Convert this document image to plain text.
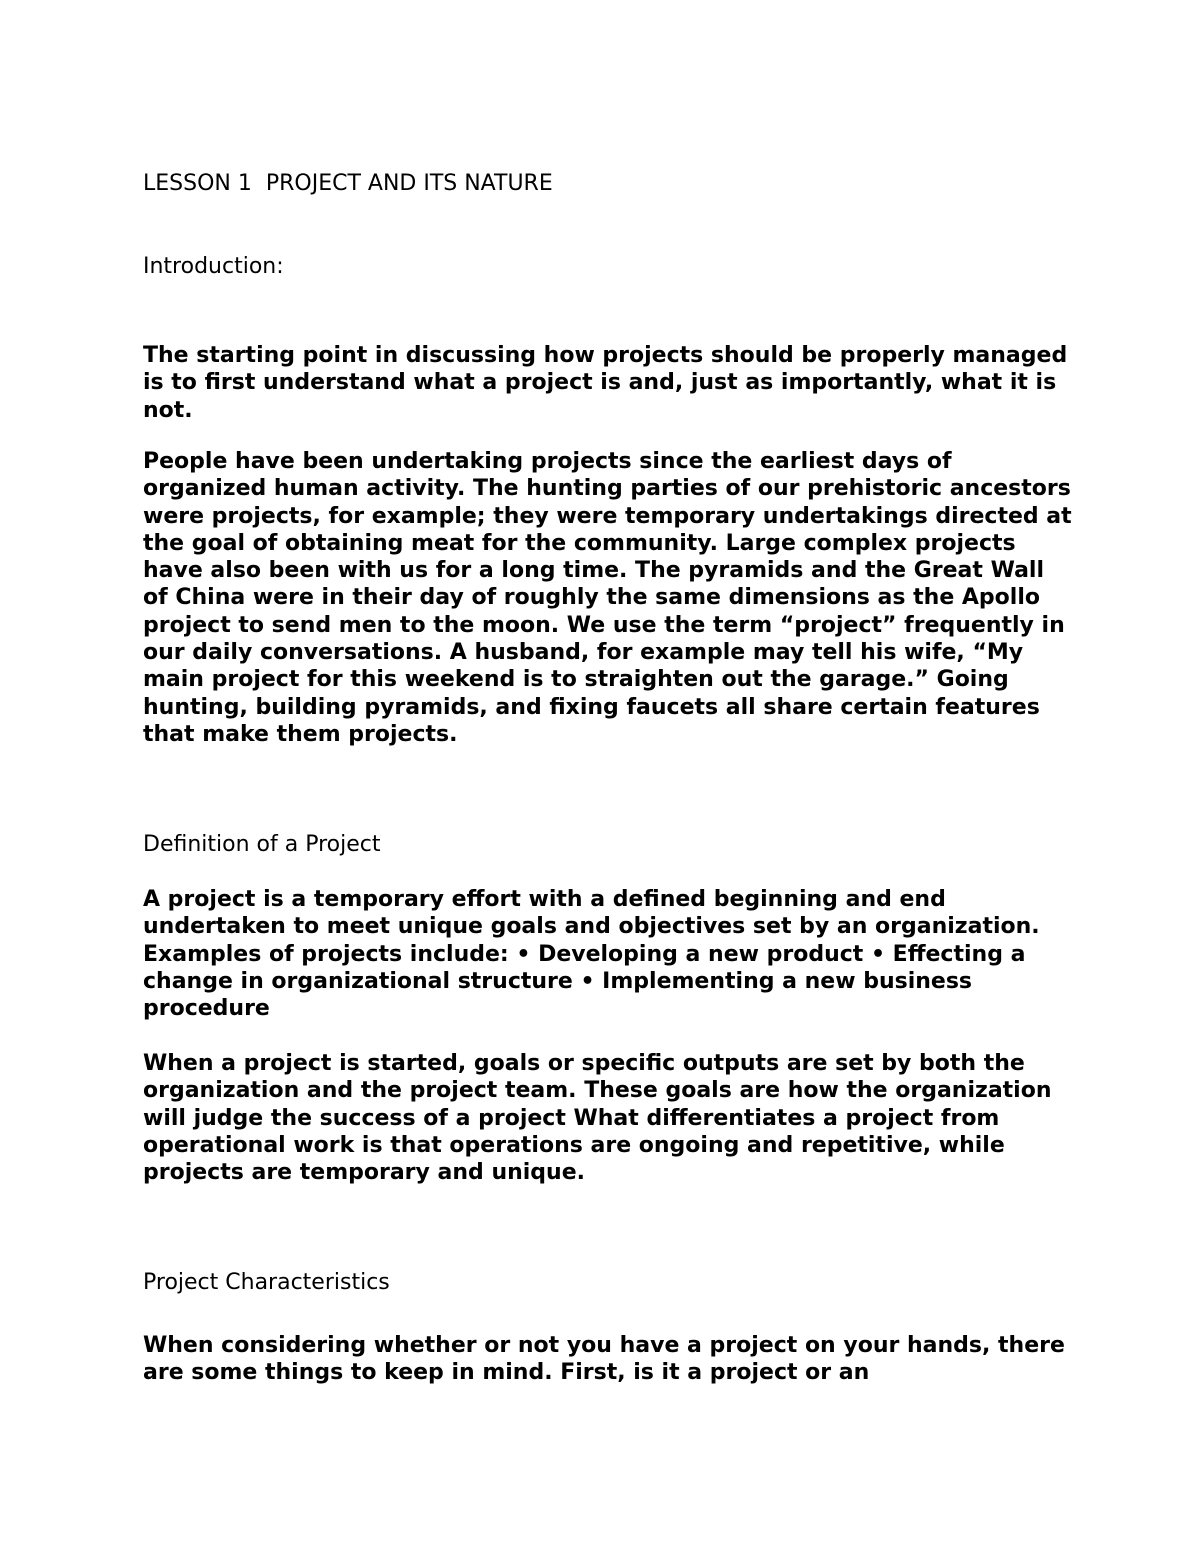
LESSON 1  PROJECT AND ITS NATURE
Introduction:

The starting point in discussing how projects should be properly managed is to first understand what a project is and, just as importantly, what it is not.

People have been undertaking projects since the earliest days of organized human activity. The hunting parties of our prehistoric ancestors were projects, for example; they were temporary undertakings directed at the goal of obtaining meat for the community. Large complex projects have also been with us for a long time. The pyramids and the Great Wall of China were in their day of roughly the same dimensions as the Apollo project to send men to the moon. We use the term “project” frequently in our daily conversations. A husband, for example may tell his wife, “My main project for this weekend is to straighten out the garage.” Going hunting, building pyramids, and fixing faucets all share certain features that make them projects.

Definition of a Project

A project is a temporary effort with a defined beginning and end undertaken to meet unique goals and objectives set by an organization. Examples of projects include: • Developing a new product • Effecting a change in organizational structure • Implementing a new business procedure

When a project is started, goals or specific outputs are set by both the organization and the project team. These goals are how the organization will judge the success of a project What differentiates a project from operational work is that operations are ongoing and repetitive, while projects are temporary and unique.

Project Characteristics

When considering whether or not you have a project on your hands, there are some things to keep in mind. First, is it a project or an
